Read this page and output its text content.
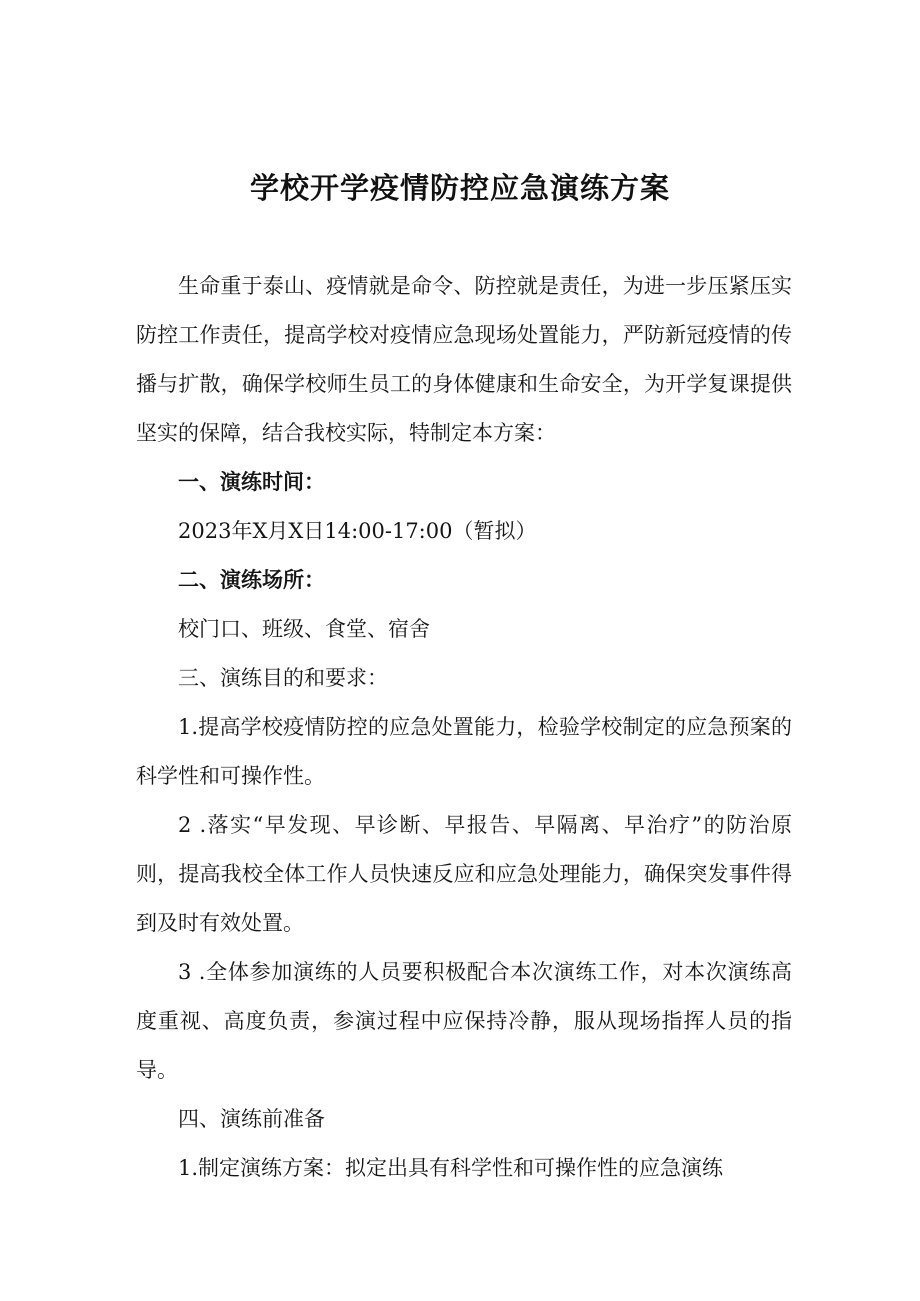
学校开学疫情防控应急演练方案

生命重于泰山、疫情就是命令、防控就是责任，为进一步压紧压实防控工作责任，提高学校对疫情应急现场处置能力，严防新冠疫情的传播与扩散，确保学校师生员工的身体健康和生命安全，为开学复课提供坚实的保障，结合我校实际，特制定本方案：

一、演练时间：

2023年X月X日14:00-17:00（暂拟）

二、演练场所：

校门口、班级、食堂、宿舍

三、演练目的和要求：

1.提高学校疫情防控的应急处置能力，检验学校制定的应急预案的科学性和可操作性。

2 .落实“早发现、早诊断、早报告、早隔离、早治疗”的防治原则，提高我校全体工作人员快速反应和应急处理能力，确保突发事件得到及时有效处置。

3 .全体参加演练的人员要积极配合本次演练工作，对本次演练高度重视、高度负责，参演过程中应保持冷静，服从现场指挥人员的指导。

四、演练前准备

1.制定演练方案：拟定出具有科学性和可操作性的应急演练
